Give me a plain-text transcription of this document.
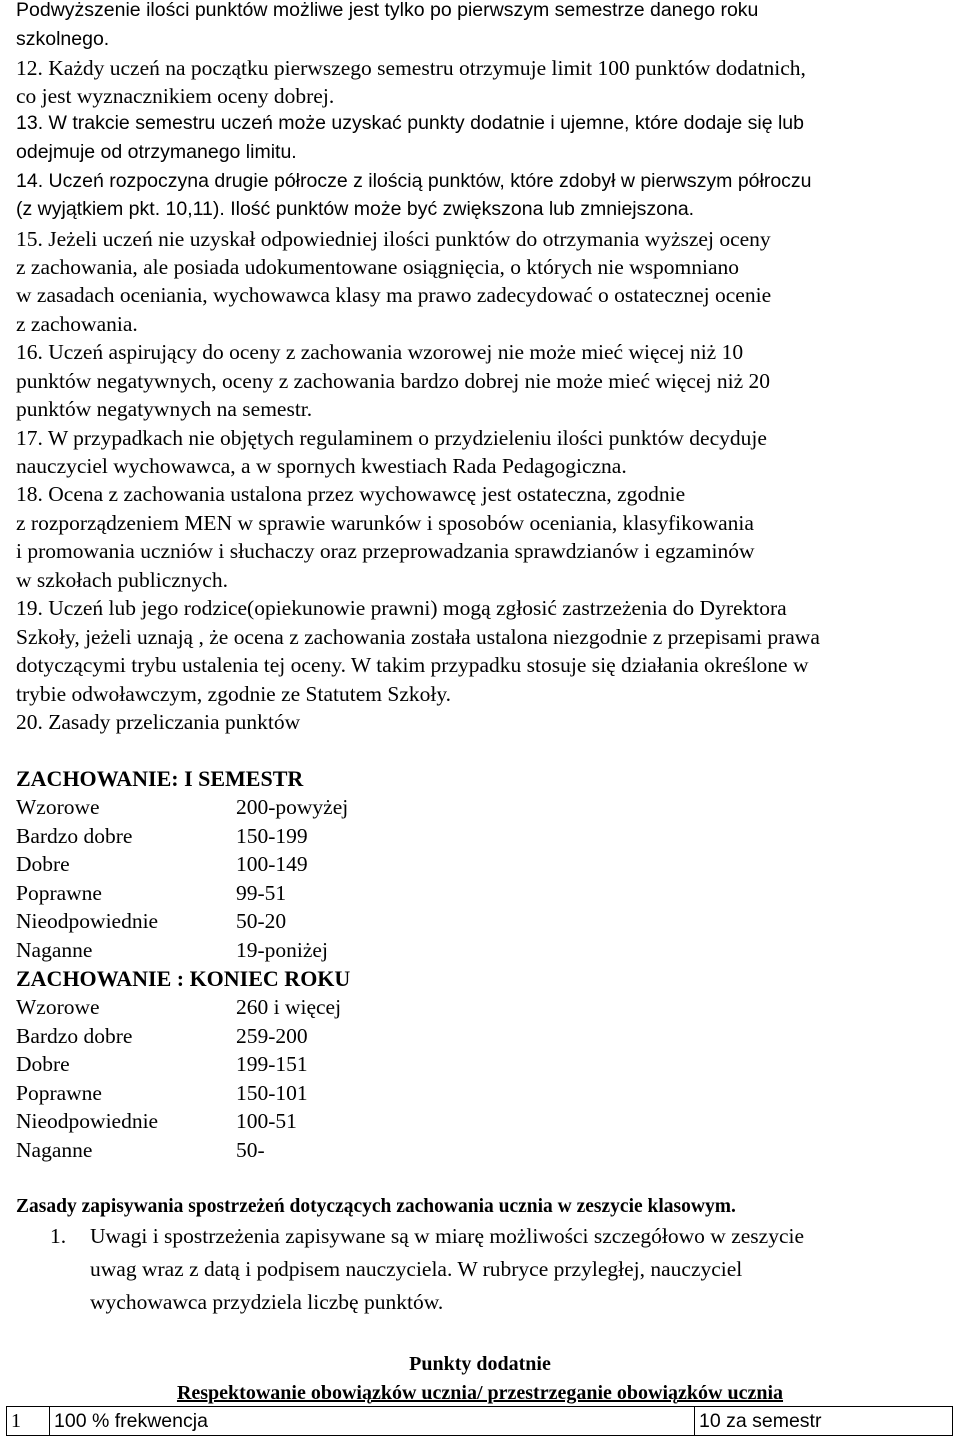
Podwyższenie ilości punktów możliwe jest tylko po pierwszym semestrze danego roku
szkolnego.
12. Każdy uczeń na początku pierwszego semestru otrzymuje limit 100 punktów dodatnich,
co jest wyznacznikiem oceny dobrej.
13. W trakcie semestru uczeń może uzyskać punkty dodatnie i ujemne, które dodaje się lub
odejmuje od otrzymanego limitu.
14. Uczeń rozpoczyna drugie półrocze z ilością punktów, które zdobył w pierwszym półroczu
(z wyjątkiem pkt. 10,11). Ilość punktów może być zwiększona lub zmniejszona.
15. Jeżeli uczeń nie uzyskał odpowiedniej ilości punktów do otrzymania wyższej oceny
z zachowania, ale posiada udokumentowane osiągnięcia, o których nie wspomniano
w zasadach oceniania, wychowawca klasy ma prawo zadecydować o ostatecznej ocenie
z zachowania.
16. Uczeń aspirujący do oceny z zachowania wzorowej nie może mieć więcej niż 10
punktów negatywnych, oceny z zachowania bardzo dobrej nie może mieć więcej niż 20
punktów negatywnych na semestr.
17. W przypadkach nie objętych regulaminem o przydzieleniu ilości punktów decyduje
nauczyciel wychowawca, a w spornych kwestiach Rada Pedagogiczna.
18. Ocena z zachowania ustalona przez wychowawcę jest ostateczna, zgodnie
z rozporządzeniem MEN w sprawie warunków i sposobów oceniania, klasyfikowania
i promowania uczniów i słuchaczy oraz przeprowadzania sprawdzianów i egzaminów
w szkołach publicznych.
19. Uczeń lub jego rodzice(opiekunowie prawni) mogą zgłosić zastrzeżenia do Dyrektora
Szkoły, jeżeli uznają , że ocena z zachowania została ustalona niezgodnie z przepisami prawa
dotyczącymi trybu ustalenia tej oceny. W takim przypadku stosuje się działania określone w
trybie odwoławczym, zgodnie ze Statutem Szkoły.
20. Zasady przeliczania punktów
ZACHOWANIE: I SEMESTR
Wzorowe	200-powyżej
Bardzo dobre	150-199
Dobre	100-149
Poprawne	99-51
Nieodpowiednie	50-20
Naganne	19-poniżej
ZACHOWANIE : KONIEC ROKU
Wzorowe	260 i więcej
Bardzo dobre	259-200
Dobre	199-151
Poprawne	150-101
Nieodpowiednie	100-51
Naganne	50-
Zasady zapisywania spostrzeżeń dotyczących zachowania ucznia w zeszycie klasowym.
1. Uwagi i spostrzeżenia zapisywane są w miarę możliwości szczegółowo w zeszycie
uwag wraz z datą i podpisem nauczyciela. W rubryce przyległej, nauczyciel
wychowawca przydziela liczbę punktów.
Punkty dodatnie
Respektowanie obowiązków ucznia/ przestrzeganie obowiązków ucznia
1	100 % frekwencja	10 za semestr
